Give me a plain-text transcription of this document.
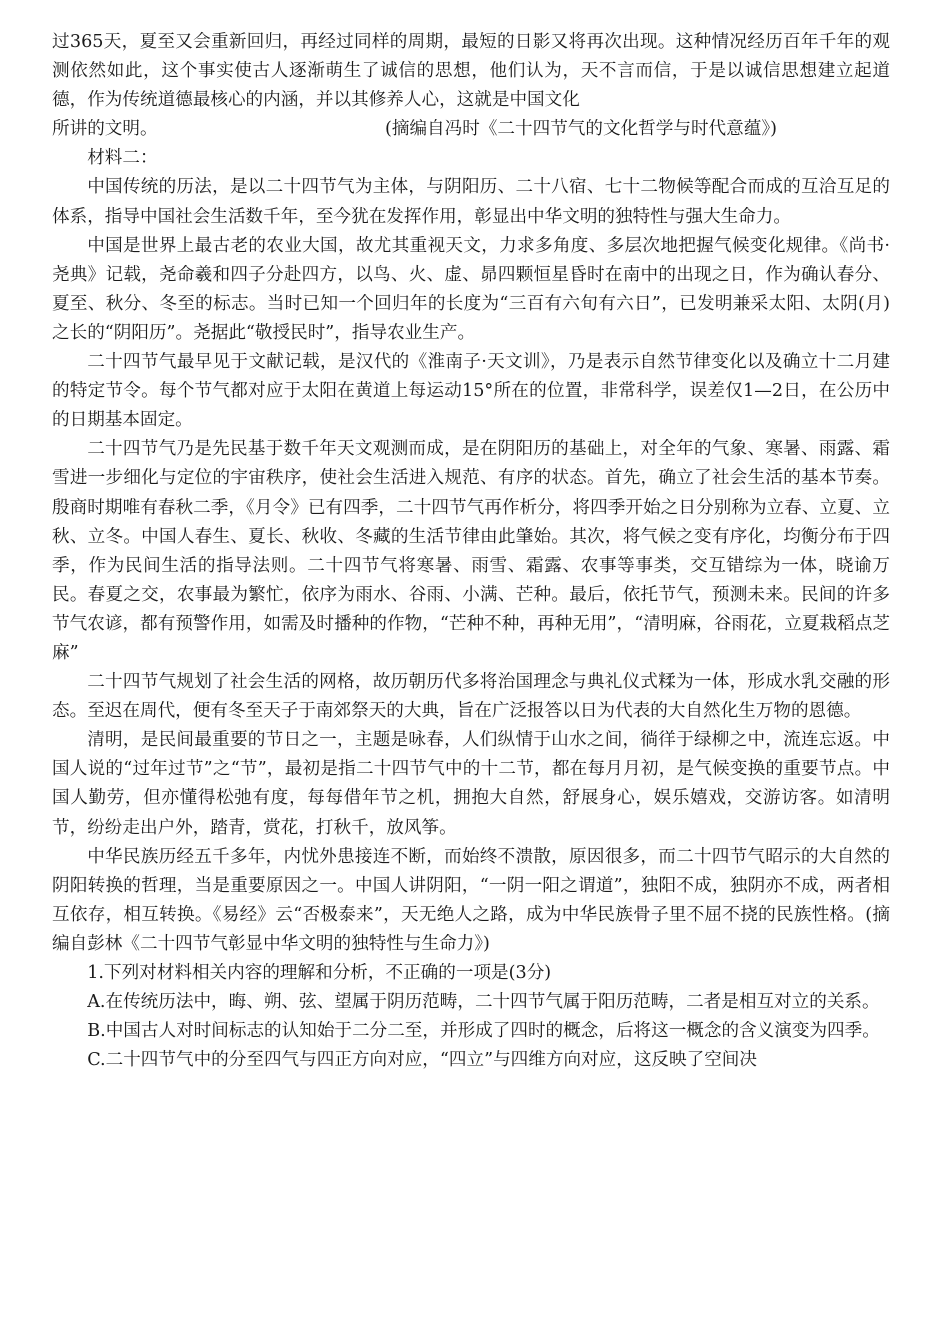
过365天，夏至又会重新回归，再经过同样的周期，最短的日影又将再次出现。这种情况经历百年千年的观测依然如此，这个事实使古人逐渐萌生了诚信的思想，他们认为，天不言而信，于是以诚信思想建立起道德，作为传统道德最核心的内涵，并以其修养人心，这就是中国文化

所讲的文明。	(摘编自冯时《二十四节气的文化哲学与时代意蕴》)

材料二：

中国传统的历法，是以二十四节气为主体，与阴阳历、二十八宿、七十二物候等配合而成的互洽互足的体系，指导中国社会生活数千年，至今犹在发挥作用，彰显出中华文明的独特性与强大生命力。

中国是世界上最古老的农业大国，故尤其重视天文，力求多角度、多层次地把握气候变化规律。《尚书·尧典》记载，尧命羲和四子分赴四方，以鸟、火、虚、昴四颗恒星昏时在南中的出现之日，作为确认春分、夏至、秋分、冬至的标志。当时已知一个回归年的长度为“三百有六旬有六日”，已发明兼采太阳、太阴(月)之长的“阴阳历”。尧据此“敬授民时”，指导农业生产。

二十四节气最早见于文献记载，是汉代的《淮南子·天文训》，乃是表示自然节律变化以及确立十二月建的特定节令。每个节气都对应于太阳在黄道上每运动15°所在的位置，非常科学，误差仅1—2日，在公历中的日期基本固定。

二十四节气乃是先民基于数千年天文观测而成，是在阴阳历的基础上，对全年的气象、寒暑、雨露、霜雪进一步细化与定位的宇宙秩序，使社会生活进入规范、有序的状态。首先，确立了社会生活的基本节奏。殷商时期唯有春秋二季，《月令》已有四季，二十四节气再作析分，将四季开始之日分别称为立春、立夏、立秋、立冬。中国人春生、夏长、秋收、冬藏的生活节律由此肇始。其次，将气候之变有序化，均衡分布于四季，作为民间生活的指导法则。二十四节气将寒暑、雨雪、霜露、农事等事类，交互错综为一体，晓谕万民。春夏之交，农事最为繁忙，依序为雨水、谷雨、小满、芒种。最后，依托节气，预测未来。民间的许多节气农谚，都有预警作用，如需及时播种的作物，“芒种不种，再种无用”，“清明麻，谷雨花，立夏栽稻点芝麻”

二十四节气规划了社会生活的网格，故历朝历代多将治国理念与典礼仪式糅为一体，形成水乳交融的形态。至迟在周代，便有冬至天子于南郊祭天的大典，旨在广泛报答以日为代表的大自然化生万物的恩德。

清明，是民间最重要的节日之一，主题是咏春，人们纵情于山水之间，徜徉于绿柳之中，流连忘返。中国人说的“过年过节”之“节”，最初是指二十四节气中的十二节，都在每月月初，是气候变换的重要节点。中国人勤劳，但亦懂得松弛有度，每每借年节之机，拥抱大自然，舒展身心，娱乐嬉戏，交游访客。如清明节，纷纷走出户外，踏青，赏花，打秋千，放风筝。

中华民族历经五千多年，内忧外患接连不断，而始终不溃散，原因很多，而二十四节气昭示的大自然的阴阳转换的哲理，当是重要原因之一。中国人讲阴阳，“一阴一阳之谓道”，独阳不成，独阴亦不成，两者相互依存，相互转换。《易经》云“否极泰来”，天无绝人之路，成为中华民族骨子里不屈不挠的民族性格。(摘编自彭林《二十四节气彰显中华文明的独特性与生命力》)

1.下列对材料相关内容的理解和分析，不正确的一项是(3分)

A.在传统历法中，晦、朔、弦、望属于阴历范畴，二十四节气属于阳历范畴，二者是相互对立的关系。

B.中国古人对时间标志的认知始于二分二至，并形成了四时的概念，后将这一概念的含义演变为四季。

C.二十四节气中的分至四气与四正方向对应，“四立”与四维方向对应，这反映了空间决
